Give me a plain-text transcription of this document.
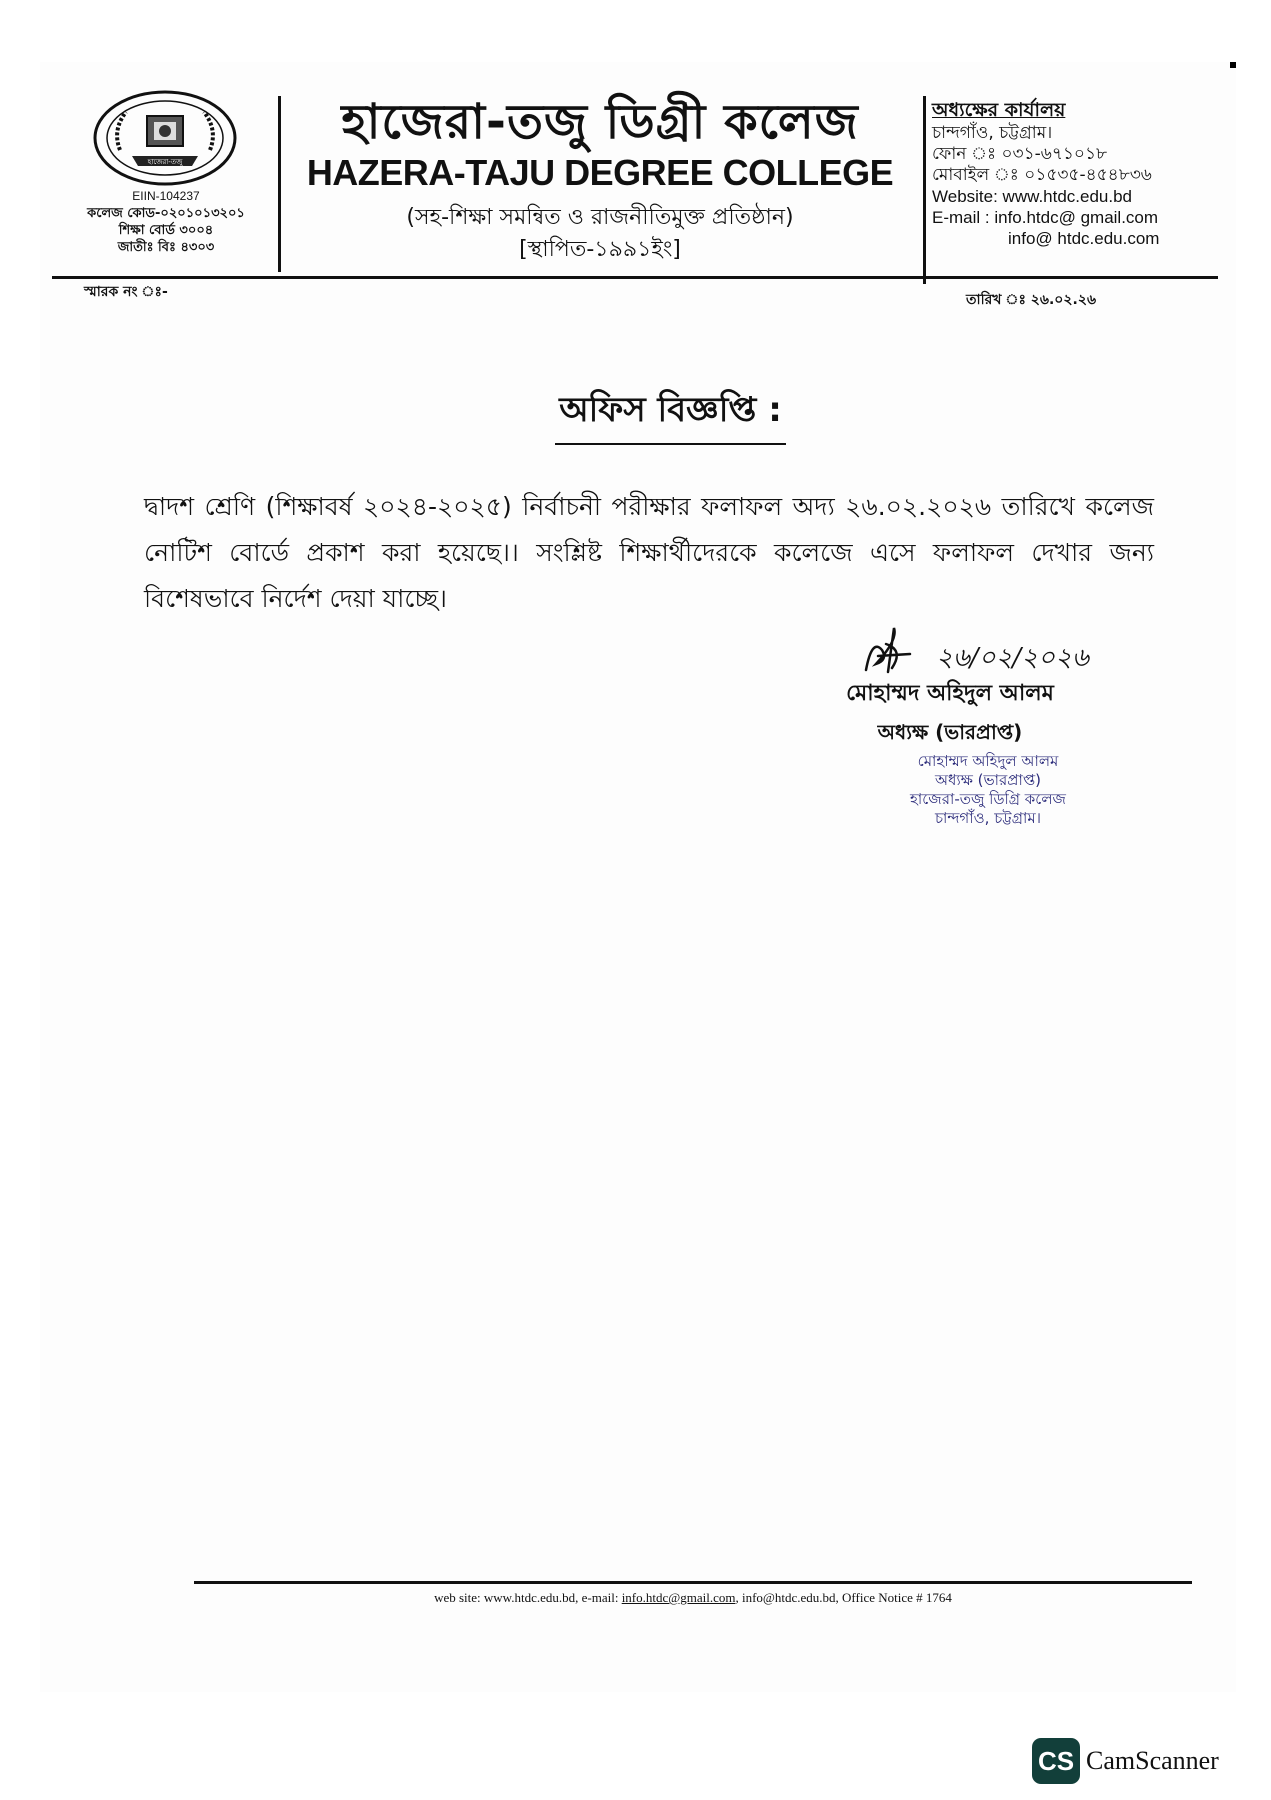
হাজেরা-তজু
EIIN-104237
কলেজ কোড-০২০১০১৩২০১
শিক্ষা বোর্ড ৩০০৪
জাতীঃ বিঃ ৪৩০৩
হাজেরা-তজু ডিগ্রী কলেজ
HAZERA-TAJU DEGREE COLLEGE
(সহ-শিক্ষা সমন্বিত ও রাজনীতিমুক্ত প্রতিষ্ঠান)
[স্থাপিত-১৯৯১ইং]
অধ্যক্ষের কার্যালয়
চান্দগাঁও, চট্টগ্রাম।
ফোন ঃ ০৩১-৬৭১০১৮
মোবাইল ঃ ০১৫৩৫-৪৫৪৮৩৬
Website: www.htdc.edu.bd
E-mail : info.htdc@ gmail.com
info@ htdc.edu.com
স্মারক নং ঃ-	তারিখ ঃ ২৬.০২.২৬
অফিস বিজ্ঞপ্তি :
দ্বাদশ শ্রেণি (শিক্ষাবর্ষ ২০২৪-২০২৫) নির্বাচনী পরীক্ষার ফলাফল অদ্য ২৬.০২.২০২৬ তারিখে কলেজ নোটিশ বোর্ডে প্রকাশ করা হয়েছে।। সংশ্লিষ্ট শিক্ষার্থীদেরকে কলেজে এসে ফলাফল দেখার জন্য বিশেষভাবে নির্দেশ দেয়া যাচ্ছে।
২৬/০২/২০২৬
মোহাম্মদ অহিদুল আলম
অধ্যক্ষ (ভারপ্রাপ্ত)
মোহাম্মদ অহিদুল আলম
অধ্যক্ষ (ভারপ্রাপ্ত)
হাজেরা-তজু ডিগ্রি কলেজ
চান্দগাঁও, চট্টগ্রাম।
web site: www.htdc.edu.bd, e-mail: info.htdc@gmail.com, info@htdc.edu.bd, Office Notice # 1764
CS CamScanner
